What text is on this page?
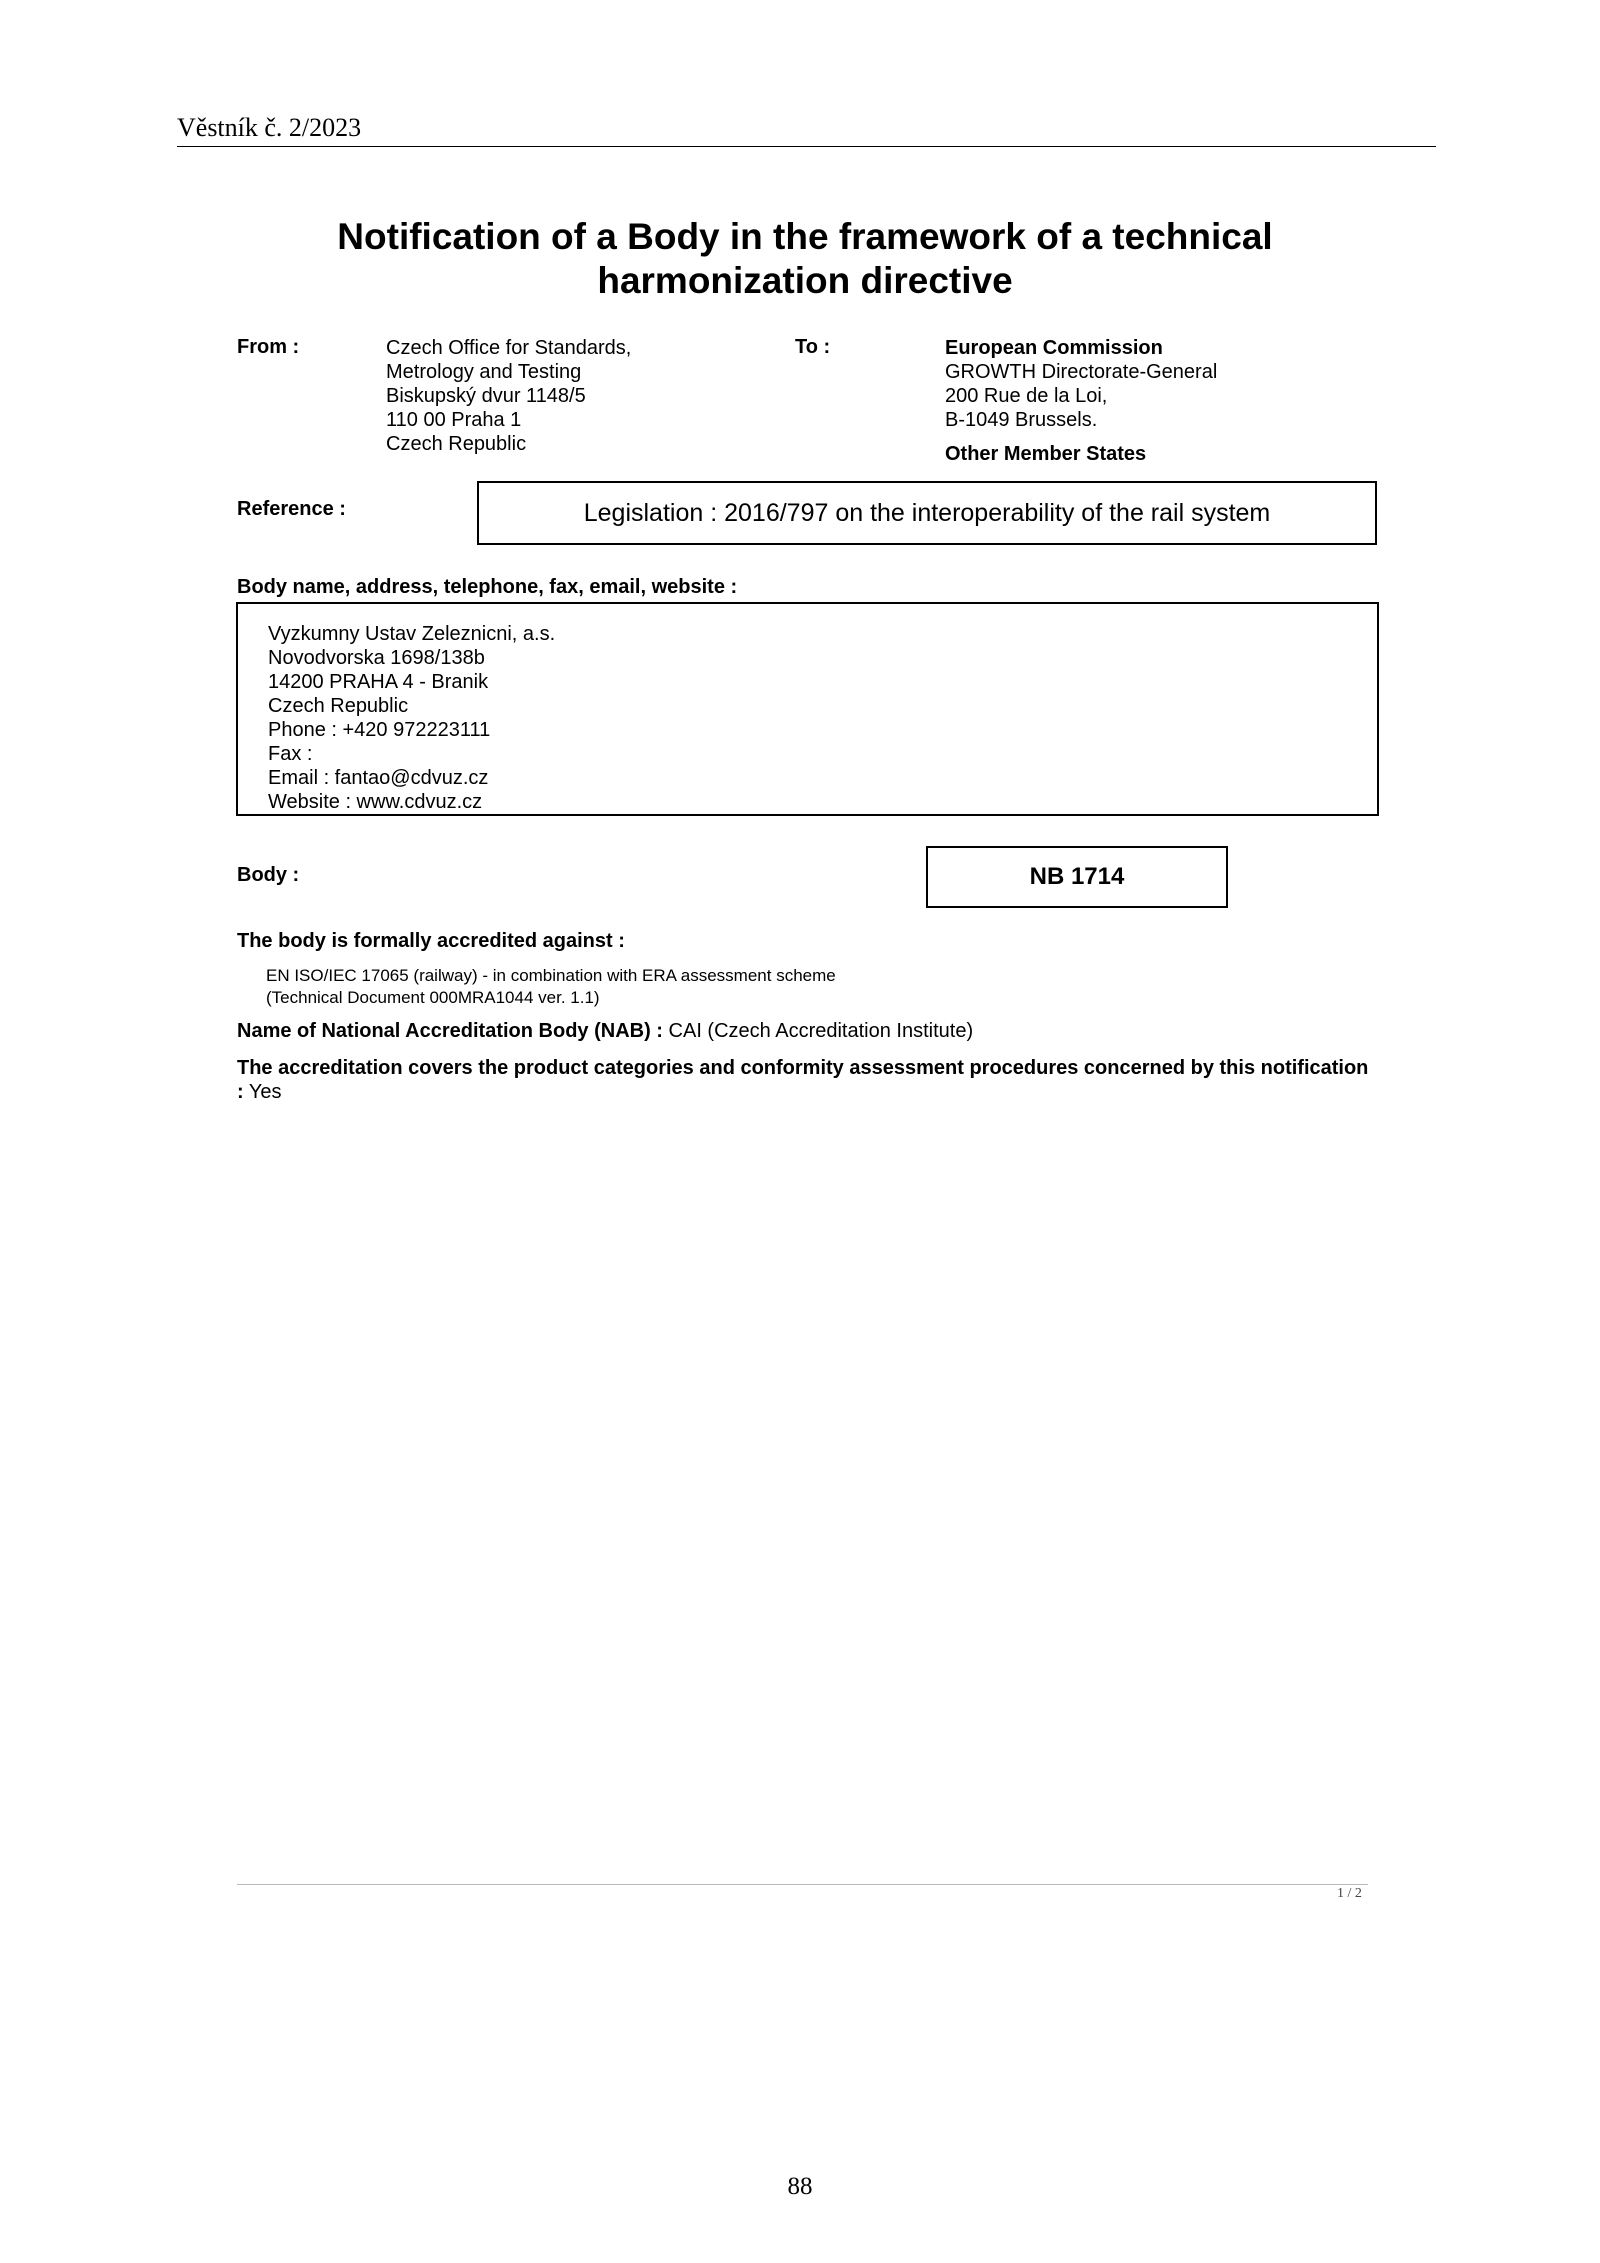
Věstník č. 2/2023
Notification of a Body in the framework of a technical harmonization directive
From :	Czech Office for Standards,
Metrology and Testing
Biskupský dvur 1148/5
110 00 Praha 1
Czech Republic
To :	European Commission
GROWTH Directorate-General
200 Rue de la Loi,
B-1049 Brussels.
Other Member States
Reference :	Legislation : 2016/797 on the interoperability of the rail system
Body name, address, telephone, fax, email, website :
Vyzkumny Ustav Zeleznicni, a.s.
Novodvorska 1698/138b
14200 PRAHA 4 - Branik
Czech Republic
Phone : +420 972223111
Fax :
Email : fantao@cdvuz.cz
Website : www.cdvuz.cz
Body :	NB 1714
The body is formally accredited against :
EN ISO/IEC 17065 (railway) - in combination with ERA assessment scheme
(Technical Document 000MRA1044 ver. 1.1)
Name of National Accreditation Body (NAB) : CAI (Czech Accreditation Institute)
The accreditation covers the product categories and conformity assessment procedures concerned by this notification : Yes
1 / 2
88
